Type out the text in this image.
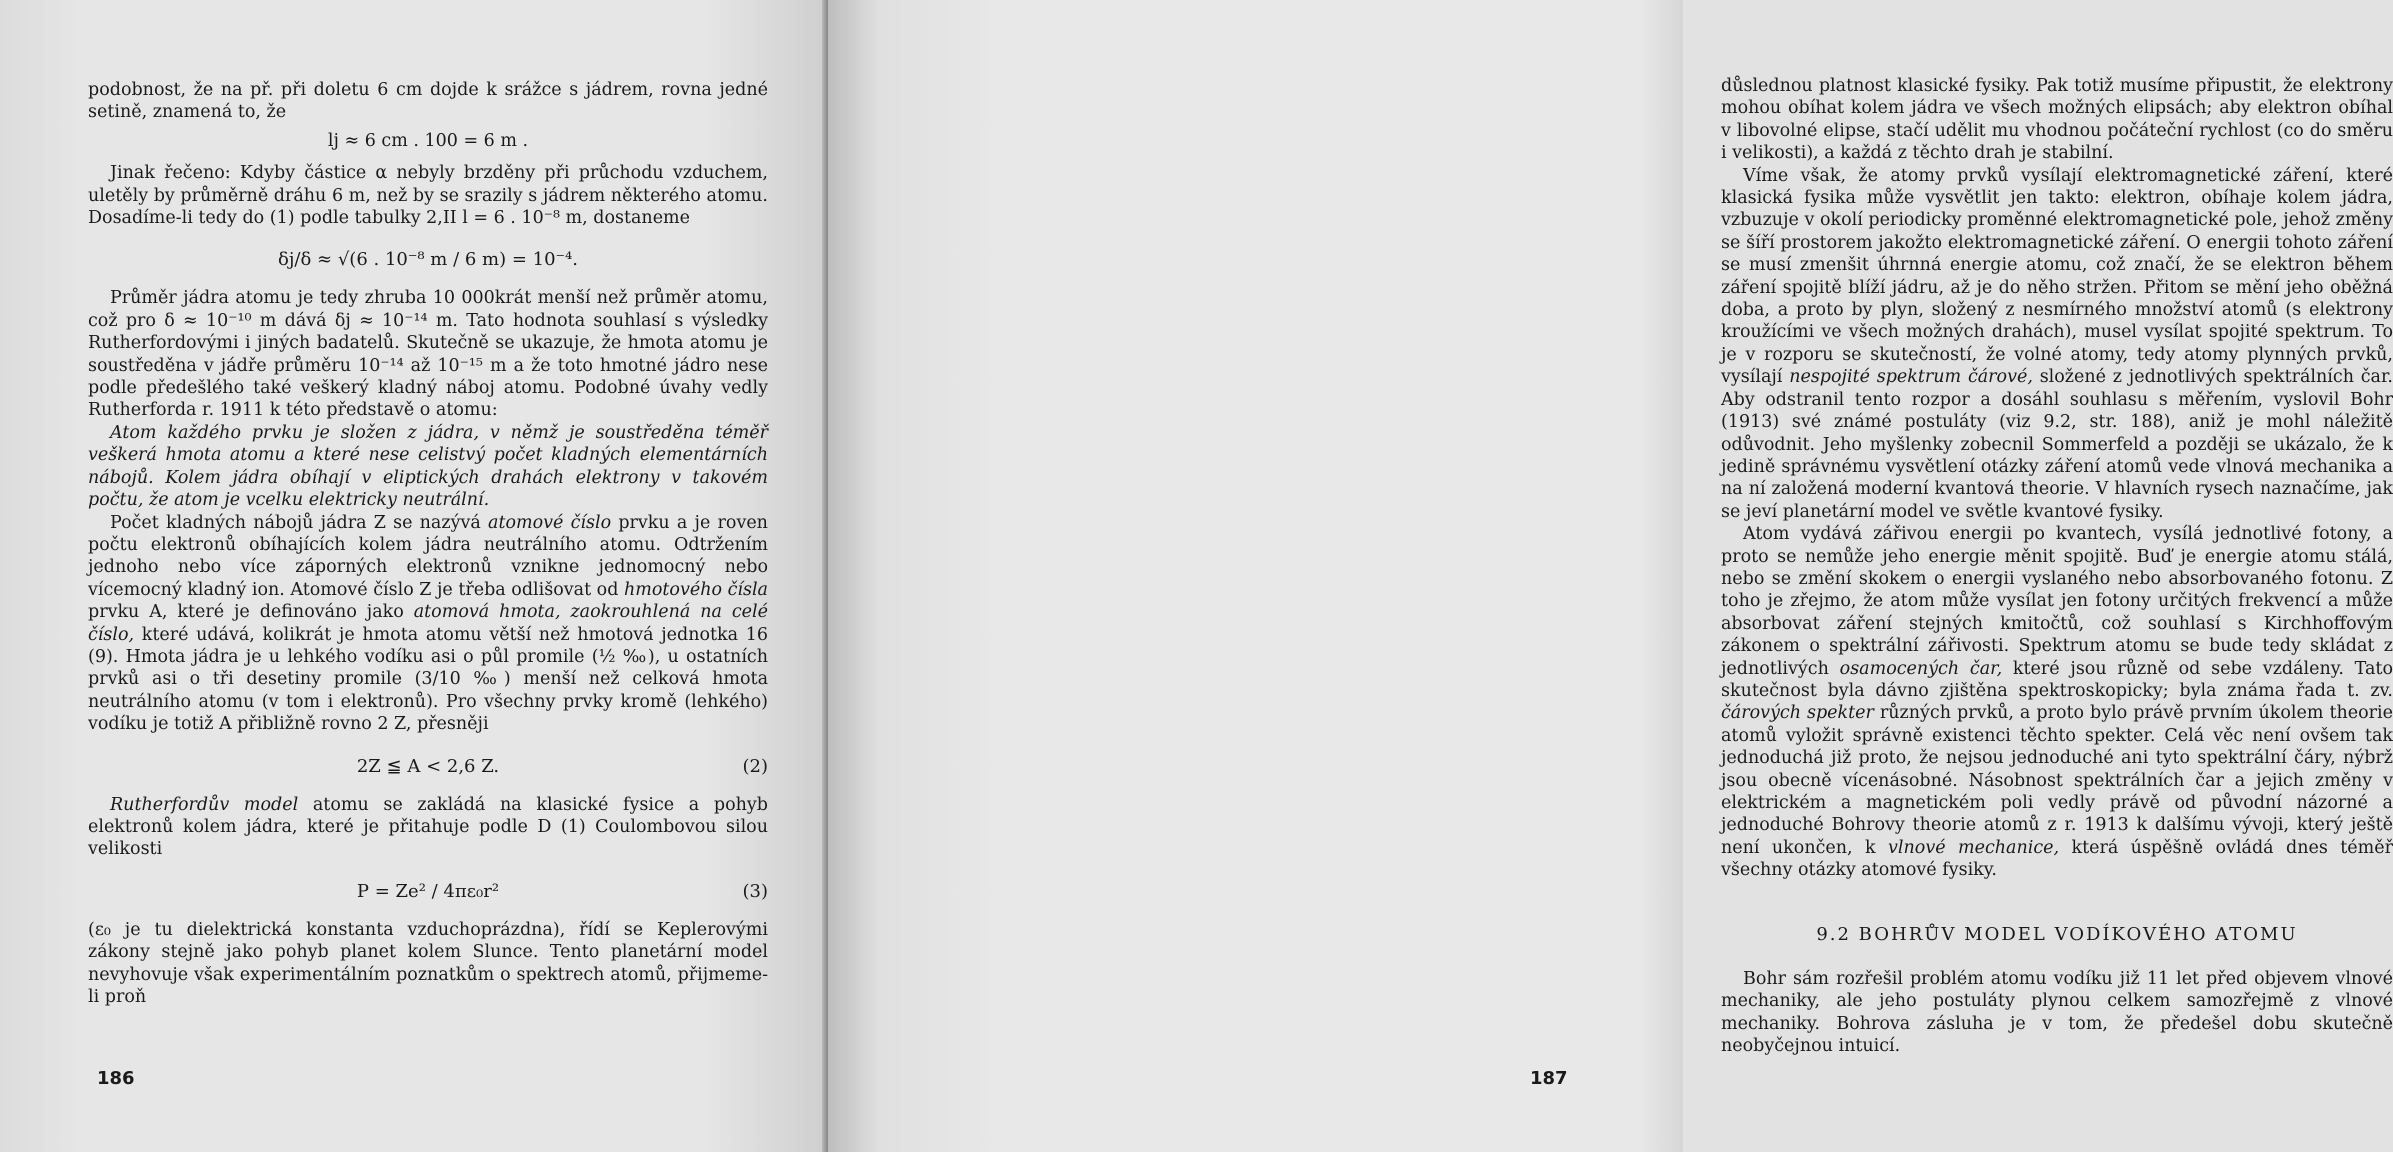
podobnost, že na př. při doletu 6 cm dojde k srážce s jádrem, rovna jedné setině, znamená to, že

lj ≈ 6 cm . 100 = 6 m .

Jinak řečeno: Kdyby částice α nebyly brzděny při průchodu vzduchem, uletěly by průměrně dráhu 6 m, než by se srazily s jádrem některého atomu. Dosadíme-li tedy do (1) podle tabulky 2,II l = 6 . 10⁻⁸ m, dostaneme

δj/δ ≈ √(6 . 10⁻⁸ m / 6 m) = 10⁻⁴.

Průměr jádra atomu je tedy zhruba 10 000krát menší než průměr atomu, což pro δ ≈ 10⁻¹⁰ m dává δj ≈ 10⁻¹⁴ m. Tato hodnota souhlasí s výsledky Rutherfordovými i jiných badatelů. Skutečně se ukazuje, že hmota atomu je soustředěna v jádře průměru 10⁻¹⁴ až 10⁻¹⁵ m a že toto hmotné jádro nese podle předešlého také veškerý kladný náboj atomu. Podobné úvahy vedly Rutherforda r. 1911 k této představě o atomu:

Atom každého prvku je složen z jádra, v němž je soustředěna téměř veškerá hmota atomu a které nese celistvý počet kladných elementárních nábojů. Kolem jádra obíhají v eliptických drahách elektrony v takovém počtu, že atom je vcelku elektricky neutrální.

Počet kladných nábojů jádra Z se nazývá atomové číslo prvku a je roven počtu elektronů obíhajících kolem jádra neutrálního atomu. Odtržením jednoho nebo více záporných elektronů vznikne jednomocný nebo vícemocný kladný ion. Atomové číslo Z je třeba odlišovat od hmotového čísla prvku A, které je definováno jako atomová hmota, zaokrouhlená na celé číslo, které udává, kolikrát je hmota atomu větší než hmotová jednotka 16 (9). Hmota jádra je u lehkého vodíku asi o půl promile (½ ‰), u ostatních prvků asi o tři desetiny promile (3/10 ‰) menší než celková hmota neutrálního atomu (v tom i elektronů). Pro všechny prvky kromě (lehkého) vodíku je totiž A přibližně rovno 2 Z, přesněji

2Z ≦ A < 2,6 Z.	(2)

Rutherfordův model atomu se zakládá na klasické fysice a pohyb elektronů kolem jádra, které je přitahuje podle D (1) Coulombovou silou velikosti

P = Ze² / 4πε₀r²	(3)

(ε₀ je tu dielektrická konstanta vzduchoprázdna), řídí se Keplerovými zákony stejně jako pohyb planet kolem Slunce. Tento planetární model nevyhovuje však experimentálním poznatkům o spektrech atomů, přijmeme-li proň

186

důslednou platnost klasické fysiky. Pak totiž musíme připustit, že elektrony mohou obíhat kolem jádra ve všech možných elipsách; aby elektron obíhal v libovolné elipse, stačí udělit mu vhodnou počáteční rychlost (co do směru i velikosti), a každá z těchto drah je stabilní.

Víme však, že atomy prvků vysílají elektromagnetické záření, které klasická fysika může vysvětlit jen takto: elektron, obíhaje kolem jádra, vzbuzuje v okolí periodicky proměnné elektromagnetické pole, jehož změny se šíří prostorem jakožto elektromagnetické záření. O energii tohoto záření se musí zmenšit úhrnná energie atomu, což značí, že se elektron během záření spojitě blíží jádru, až je do něho stržen. Přitom se mění jeho oběžná doba, a proto by plyn, složený z nesmírného množství atomů (s elektrony kroužícími ve všech možných drahách), musel vysílat spojité spektrum. To je v rozporu se skutečností, že volné atomy, tedy atomy plynných prvků, vysílají nespojité spektrum čárové, složené z jednotlivých spektrálních čar. Aby odstranil tento rozpor a dosáhl souhlasu s měřením, vyslovil Bohr (1913) své známé postuláty (viz 9.2, str. 188), aniž je mohl náležitě odůvodnit. Jeho myšlenky zobecnil Sommerfeld a později se ukázalo, že k jedině správnému vysvětlení otázky záření atomů vede vlnová mechanika a na ní založená moderní kvantová theorie. V hlavních rysech naznačíme, jak se jeví planetární model ve světle kvantové fysiky.

Atom vydává zářivou energii po kvantech, vysílá jednotlivé fotony, a proto se nemůže jeho energie měnit spojitě. Buď je energie atomu stálá, nebo se změní skokem o energii vyslaného nebo absorbovaného fotonu. Z toho je zřejmo, že atom může vysílat jen fotony určitých frekvencí a může absorbovat záření stejných kmitočtů, což souhlasí s Kirchhoffovým zákonem o spektrální zářivosti. Spektrum atomu se bude tedy skládat z jednotlivých osamocených čar, které jsou různě od sebe vzdáleny. Tato skutečnost byla dávno zjištěna spektroskopicky; byla známa řada t. zv. čárových spekter různých prvků, a proto bylo právě prvním úkolem theorie atomů vyložit správně existenci těchto spekter. Celá věc není ovšem tak jednoduchá již proto, že nejsou jednoduché ani tyto spektrální čáry, nýbrž jsou obecně vícenásobné. Násobnost spektrálních čar a jejich změny v elektrickém a magnetickém poli vedly právě od původní názorné a jednoduché Bohrovy theorie atomů z r. 1913 k dalšímu vývoji, který ještě není ukončen, k vlnové mechanice, která úspěšně ovládá dnes téměř všechny otázky atomové fysiky.

9.2 BOHRŮV MODEL VODÍKOVÉHO ATOMU

Bohr sám rozřešil problém atomu vodíku již 11 let před objevem vlnové mechaniky, ale jeho postuláty plynou celkem samozřejmě z vlnové mechaniky. Bohrova zásluha je v tom, že předešel dobu skutečně neobyčejnou intuicí.

187
